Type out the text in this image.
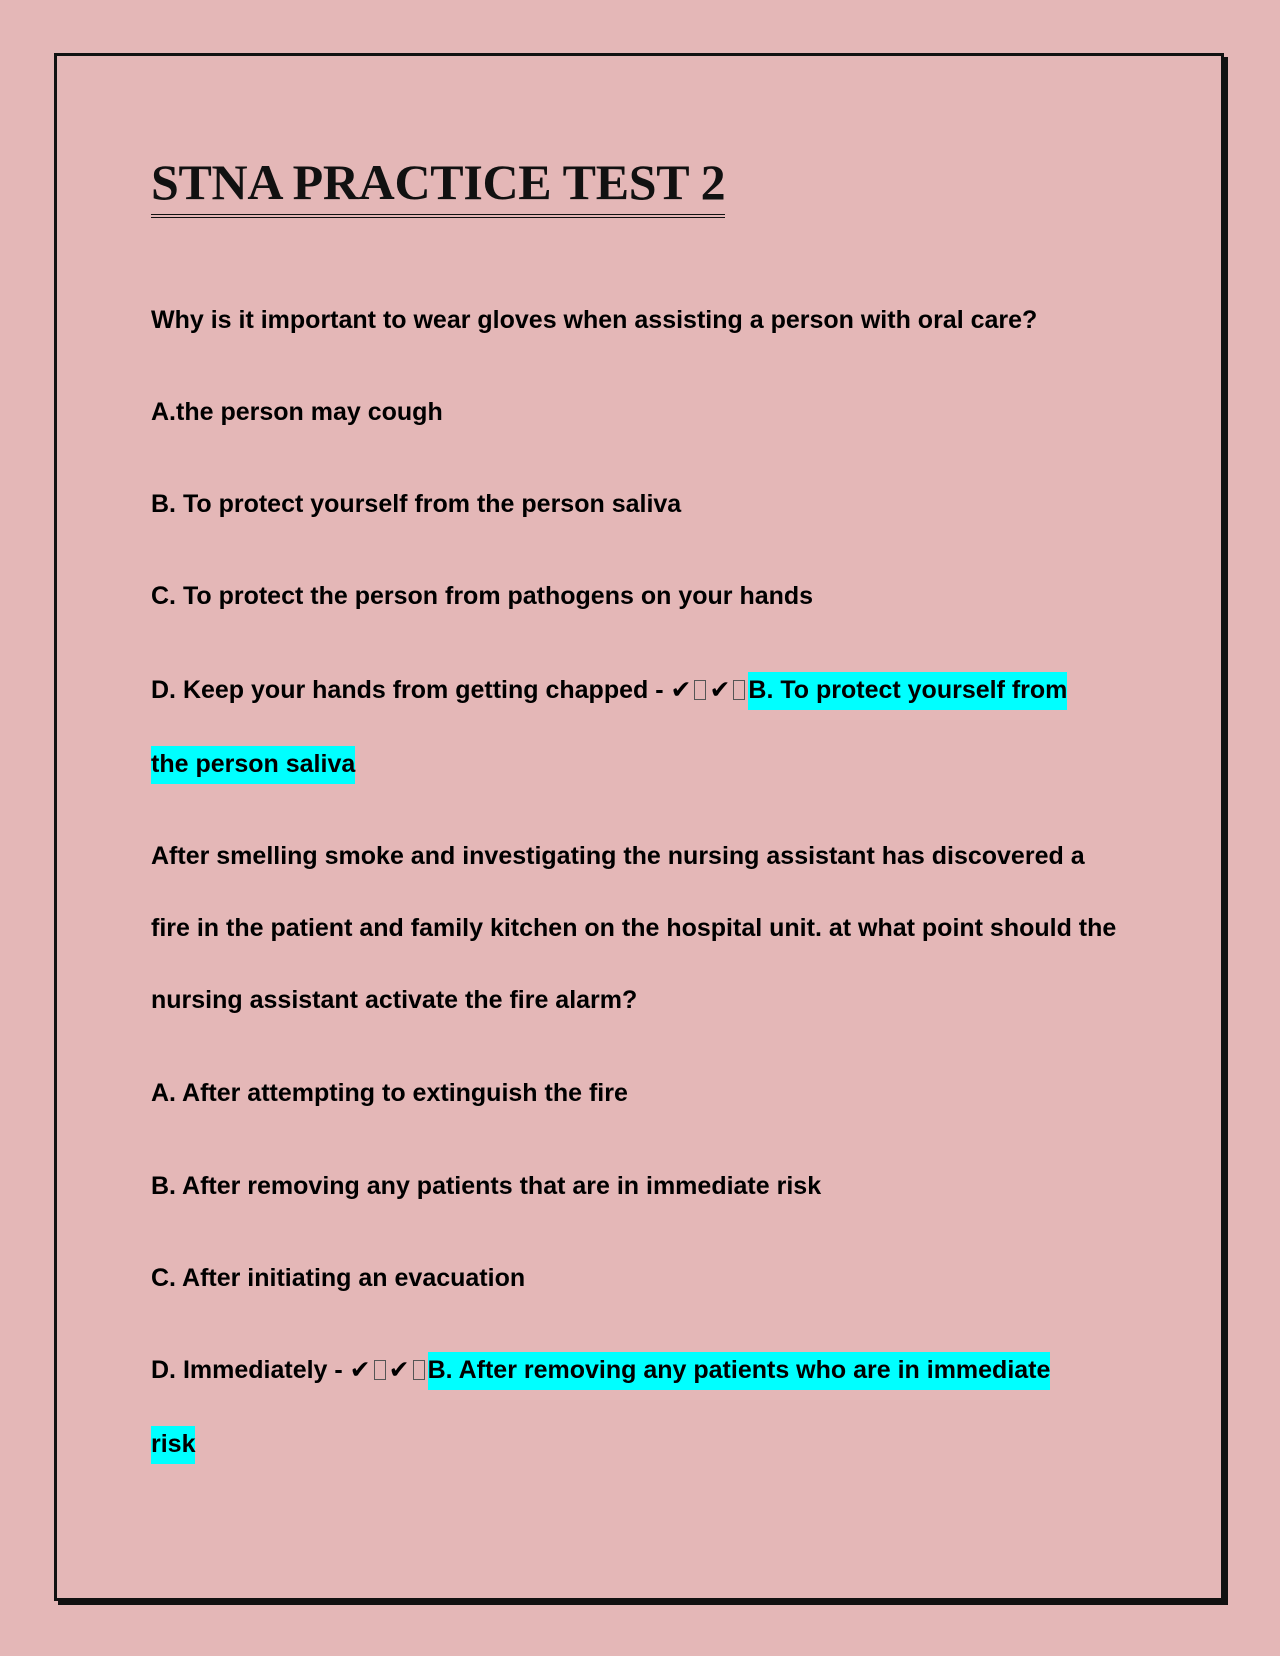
STNA PRACTICE TEST 2

Why is it important to wear gloves when assisting a person with oral care?

A.the person may cough

B. To protect yourself from the person saliva

C. To protect the person from pathogens on your hands

D. Keep your hands from getting chapped - ✔ ✔ B. To protect yourself from

the person saliva

After smelling smoke and investigating the nursing assistant has discovered a fire in the patient and family kitchen on the hospital unit. at what point should the nursing assistant activate the fire alarm?

A. After attempting to extinguish the fire

B. After removing any patients that are in immediate risk

C. After initiating an evacuation

D. Immediately - ✔ ✔ B. After removing any patients who are in immediate

risk
